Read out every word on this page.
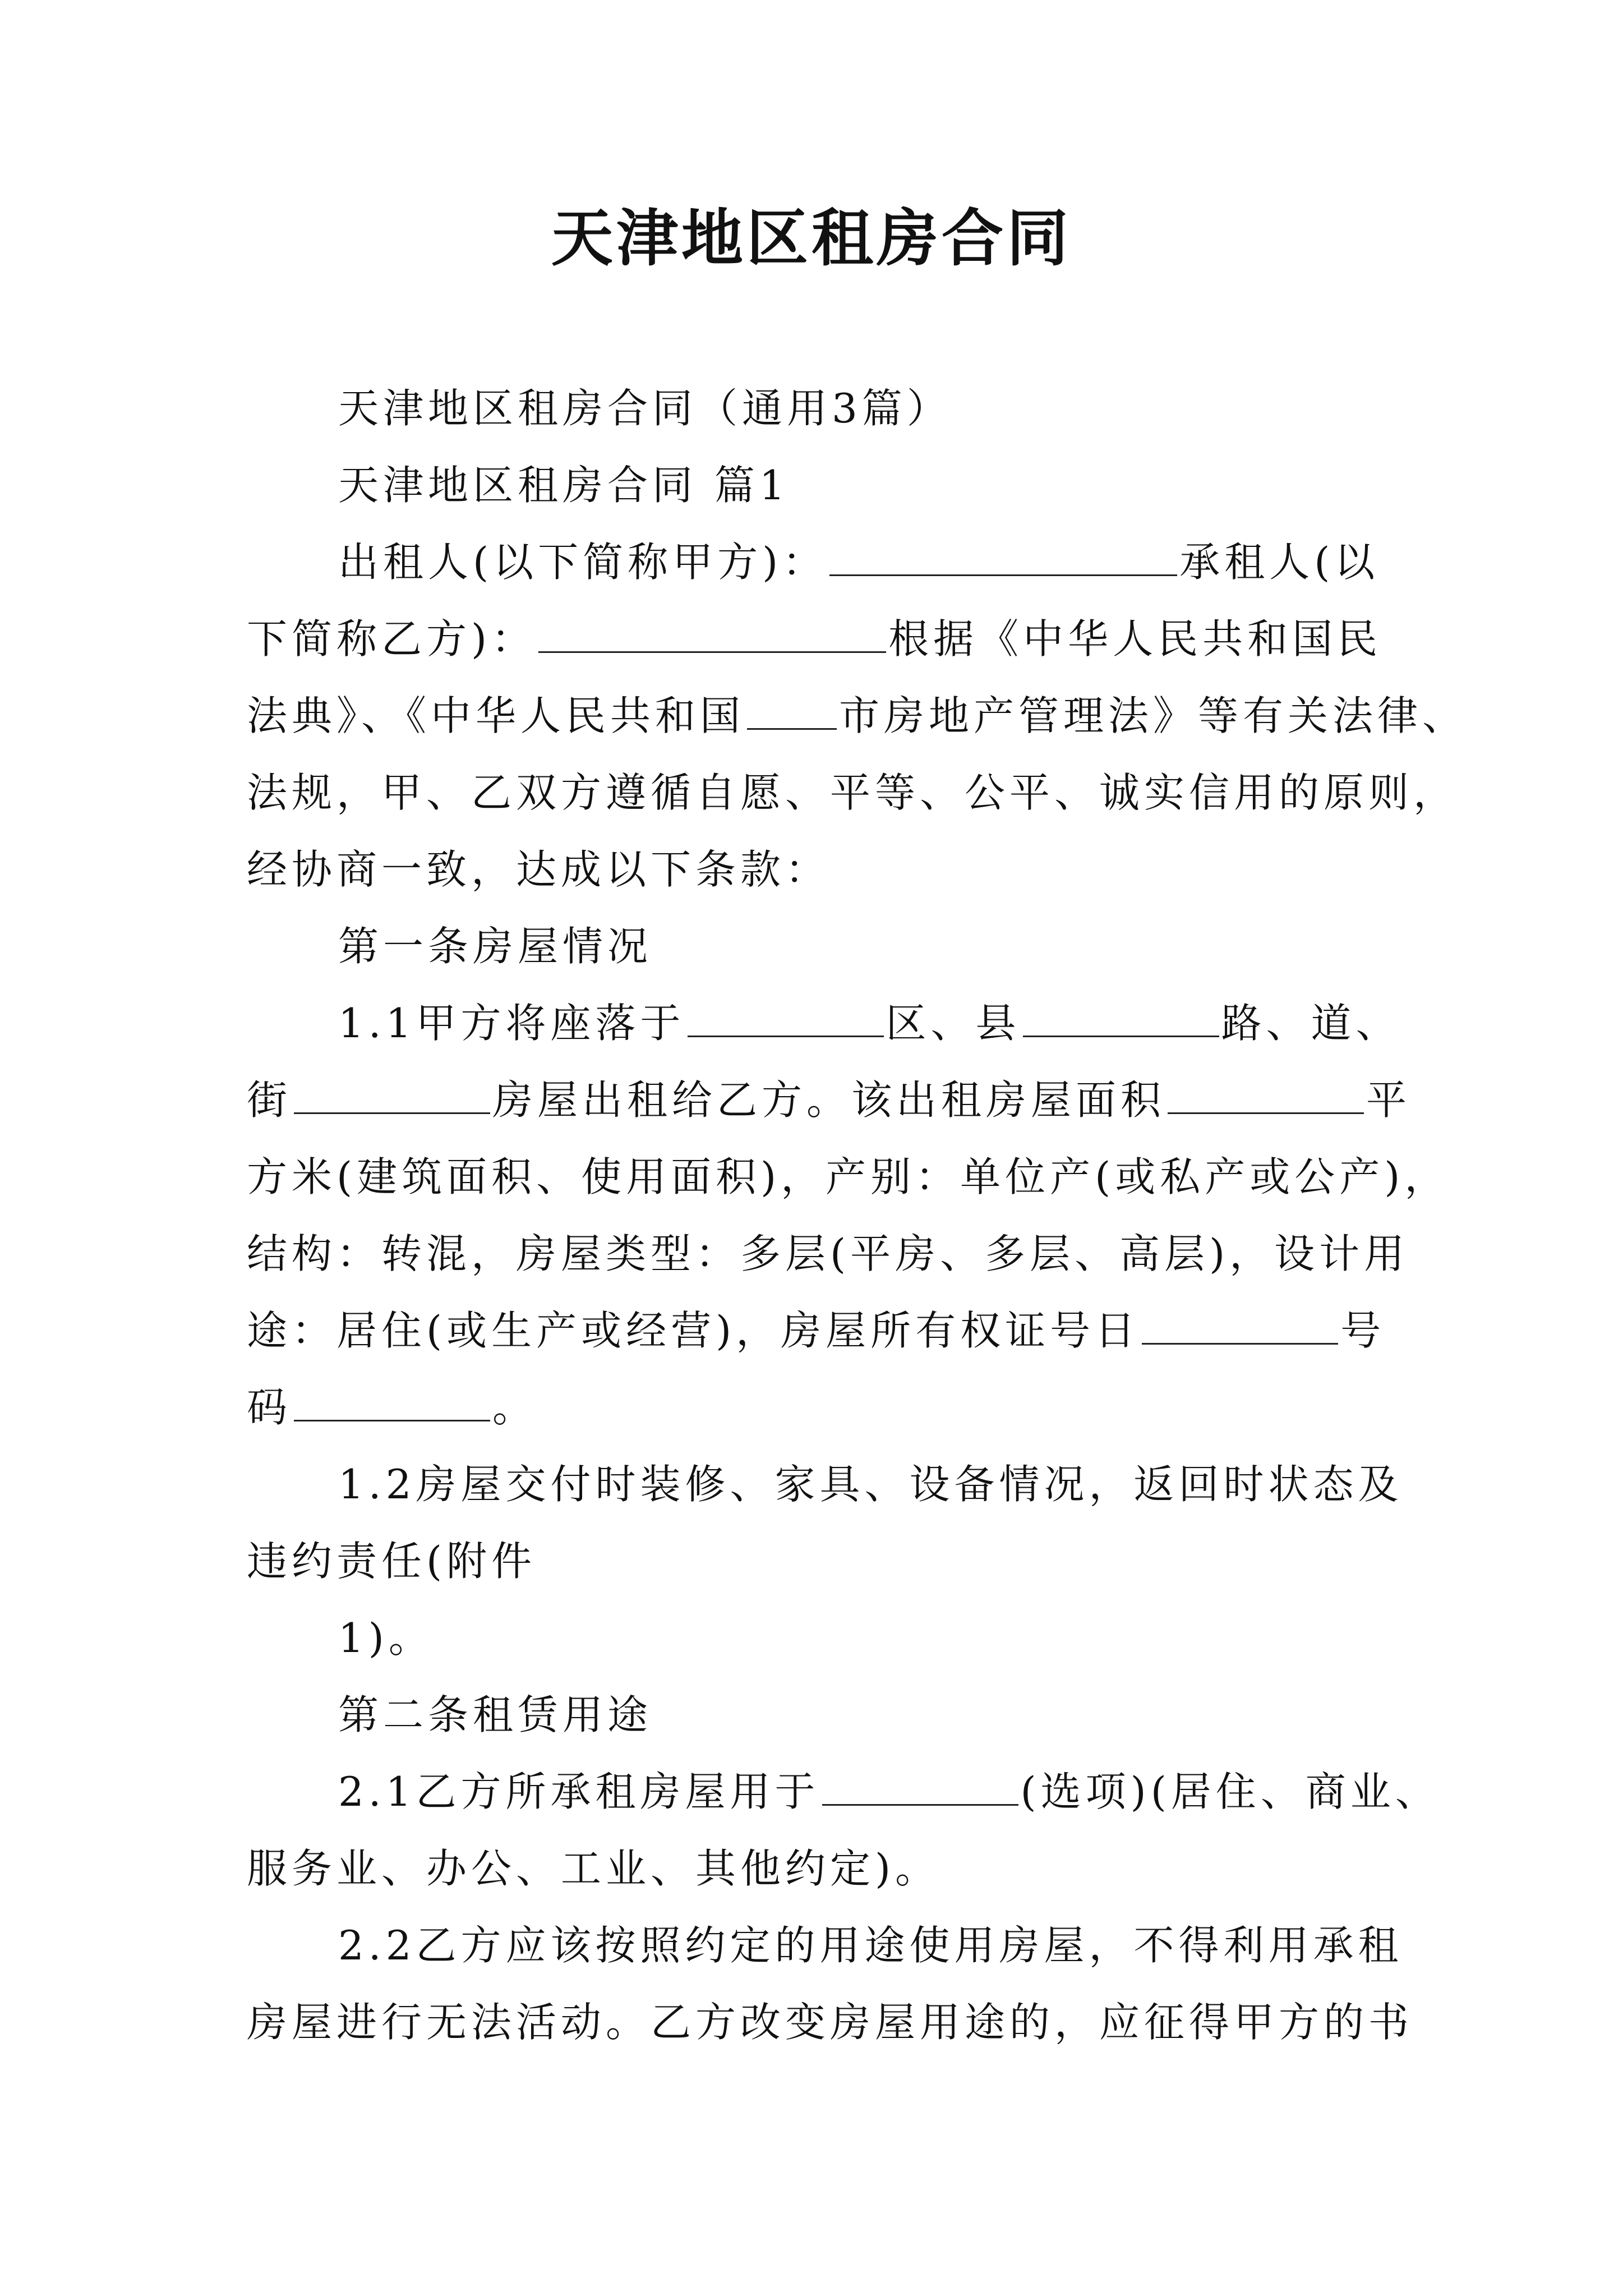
天津地区租房合同
天津地区租房合同（通用3篇）
天津地区租房合同 篇1
出租人(以下简称甲方)：	承租人(以
下简称乙方)：	根据《中华人民共和国民
法典》、《中华人民共和国 市房地产管理法》等有关法律、
法规，甲、乙双方遵循自愿、平等、公平、诚实信用的原则，
经协商一致，达成以下条款：
第一条房屋情况
1.1甲方将座落于	区、县	路、道、
街	房屋出租给乙方。该出租房屋面积	平
方米(建筑面积、使用面积)，产别：单位产(或私产或公产)，
结构：转混，房屋类型：多层(平房、多层、高层)，设计用
途：居住(或生产或经营)，房屋所有权证号日	号
码	。
1.2房屋交付时装修、家具、设备情况，返回时状态及
违约责任(附件
1)。
第二条租赁用途
2.1乙方所承租房屋用于	(选项)(居住、商业、
服务业、办公、工业、其他约定)。
2.2乙方应该按照约定的用途使用房屋，不得利用承租
房屋进行无法活动。乙方改变房屋用途的，应征得甲方的书
